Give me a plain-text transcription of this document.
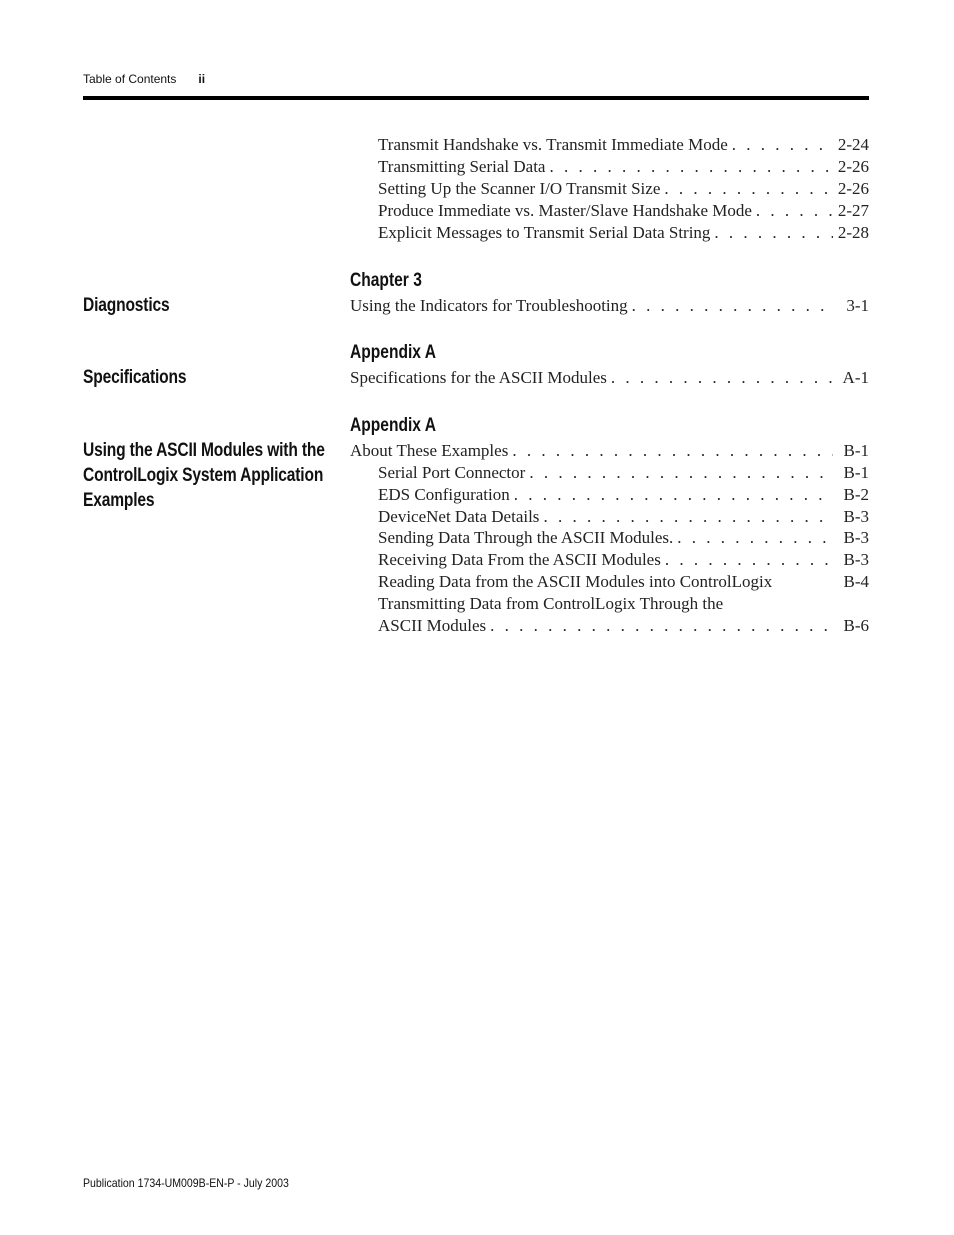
Table of Contents ii
Transmit Handshake vs. Transmit Immediate Mode . . .	2-24
Transmitting Serial Data . . .	2-26
Setting Up the Scanner I/O Transmit Size . . .	2-26
Produce Immediate vs. Master/Slave Handshake Mode . . .	2-27
Explicit Messages to Transmit Serial Data String . . .	2-28
Chapter 3
Diagnostics	Using the Indicators for Troubleshooting . . .	3-1
Appendix A
Specifications	Specifications for the ASCII Modules . . .	A-1
Appendix A
Using the ASCII Modules with the
ControlLogix System Application
Examples
About These Examples . . .	B-1
Serial Port Connector . . .	B-1
EDS Configuration . . .	B-2
DeviceNet Data Details . . .	B-3
Sending Data Through the ASCII Modules. . . .	B-3
Receiving Data From the ASCII Modules . . .	B-3
Reading Data from the ASCII Modules into ControlLogix	B-4
Transmitting Data from ControlLogix Through the
ASCII Modules . . .	B-6
Publication 1734-UM009B-EN-P - July 2003
